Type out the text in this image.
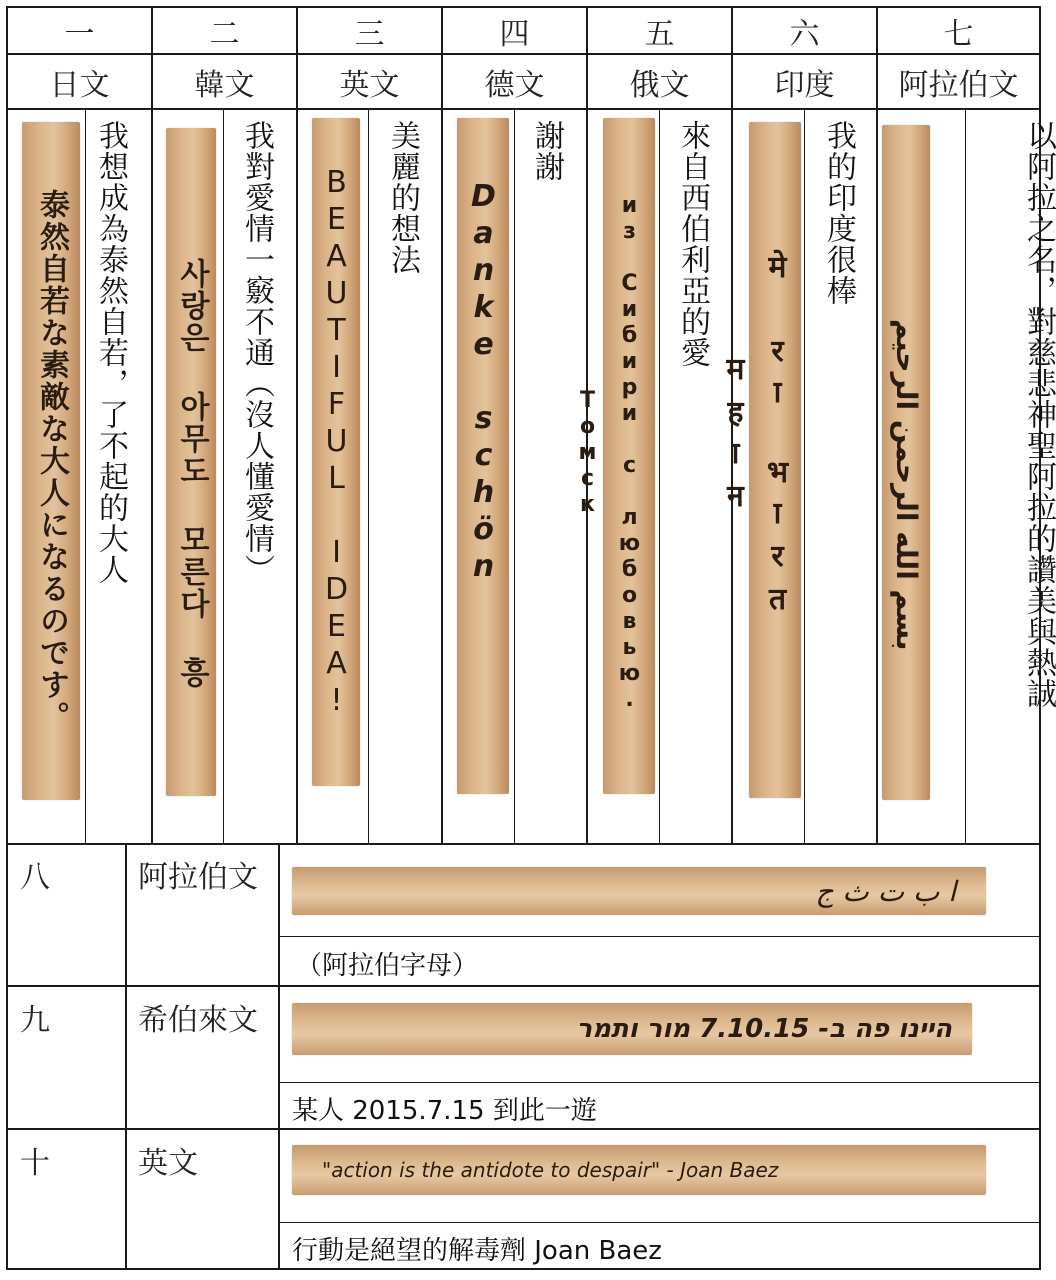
一	二	三	四	五	六	七
日文	韓文	英文	德文	俄文	印度	阿拉伯文
泰然自若な素敵な大人になるのです。	사랑은 아무도 모른다 흥	BEAUTIFUL IDEA!	Danke schön	из Сибири с любовью. Томск	मेरा भारत महान	بسم الله الرحمن الرحيم
我想成為泰然自若，了不起的大人	我對愛情一竅不通（沒人懂愛情）	美麗的想法	謝謝	來自西伯利亞的愛	我的印度很棒	以阿拉之名，對慈悲神聖阿拉的讚美與熱誠
八	阿拉伯文	ا ب ت ث ج
（阿拉伯字母）
九	希伯來文	היינו פה ב- 7.10.15 מור ותמר
某人 2015.7.15 到此一遊
十	英文	"action is the antidote to despair" - Joan Baez
行動是絕望的解毒劑 Joan Baez
